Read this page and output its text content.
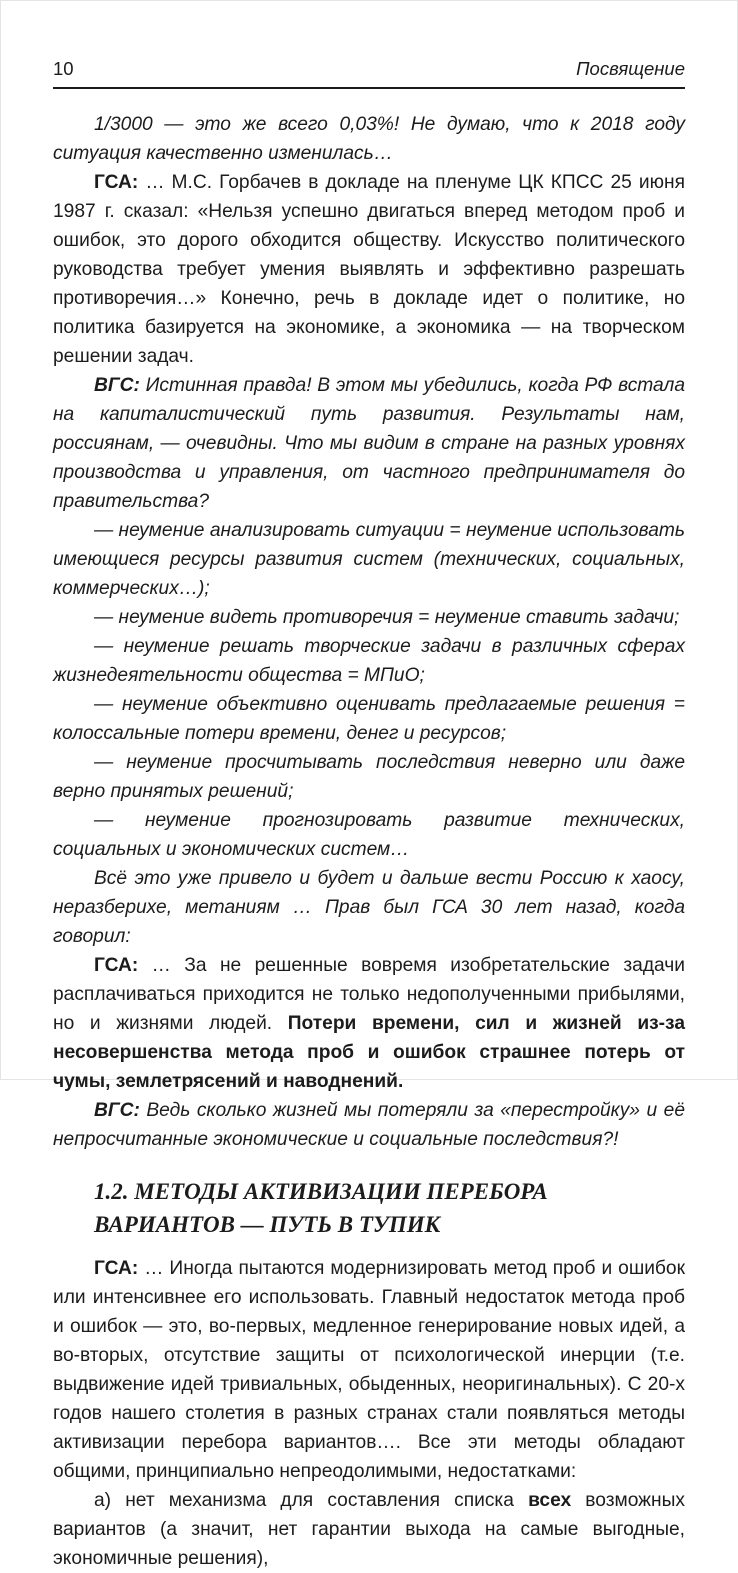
10	Посвящение

1/3000 — это же всего 0,03%! Не думаю, что к 2018 году ситуация качественно изменилась…

ГСА: … М.С. Горбачев в докладе на пленуме ЦК КПСС 25 июня 1987 г. сказал: «Нельзя успешно двигаться вперед методом проб и ошибок, это дорого обходится обществу. Искусство политического руководства требует умения выявлять и эффективно разрешать противоречия…» Конечно, речь в докладе идет о политике, но политика базируется на экономике, а экономика — на творческом решении задач.

ВГС: Истинная правда! В этом мы убедились, когда РФ встала на капиталистический путь развития. Результаты нам, россиянам, — очевидны. Что мы видим в стране на разных уровнях производства и управления, от частного предпринимателя до правительства?

— неумение анализировать ситуации = неумение использовать имеющиеся ресурсы развития систем (технических, социальных, коммерческих…);

— неумение видеть противоречия = неумение ставить задачи;

— неумение решать творческие задачи в различных сферах жизнедеятельности общества = МПиО;

— неумение объективно оценивать предлагаемые решения = колоссальные потери времени, денег и ресурсов;

— неумение просчитывать последствия неверно или даже верно принятых решений;

— неумение прогнозировать развитие технических, социальных и экономических систем…

Всё это уже привело и будет и дальше вести Россию к хаосу, неразберихе, метаниям … Прав был ГСА 30 лет назад, когда говорил:

ГСА: … За не решенные вовремя изобретательские задачи расплачиваться приходится не только недополученными прибылями, но и жизнями людей. Потери времени, сил и жизней из-за несовершенства метода проб и ошибок страшнее потерь от чумы, землетрясений и наводнений.

ВГС: Ведь сколько жизней мы потеряли за «перестройку» и её непросчитанные экономические и социальные последствия?!

1.2. МЕТОДЫ АКТИВИЗАЦИИ ПЕРЕБОРА ВАРИАНТОВ — ПУТЬ В ТУПИК

ГСА: … Иногда пытаются модернизировать метод проб и ошибок или интенсивнее его использовать. Главный недостаток метода проб и ошибок — это, во-первых, медленное генерирование новых идей, а во-вторых, отсутствие защиты от психологической инерции (т.е. выдвижение идей тривиальных, обыденных, неоригинальных). С 20-х годов нашего столетия в разных странах стали появляться методы активизации перебора вариантов…. Все эти методы обладают общими, принципиально непреодолимыми, недостатками:

а) нет механизма для составления списка всех возможных вариантов (а значит, нет гарантии выхода на самые выгодные, экономичные решения),
